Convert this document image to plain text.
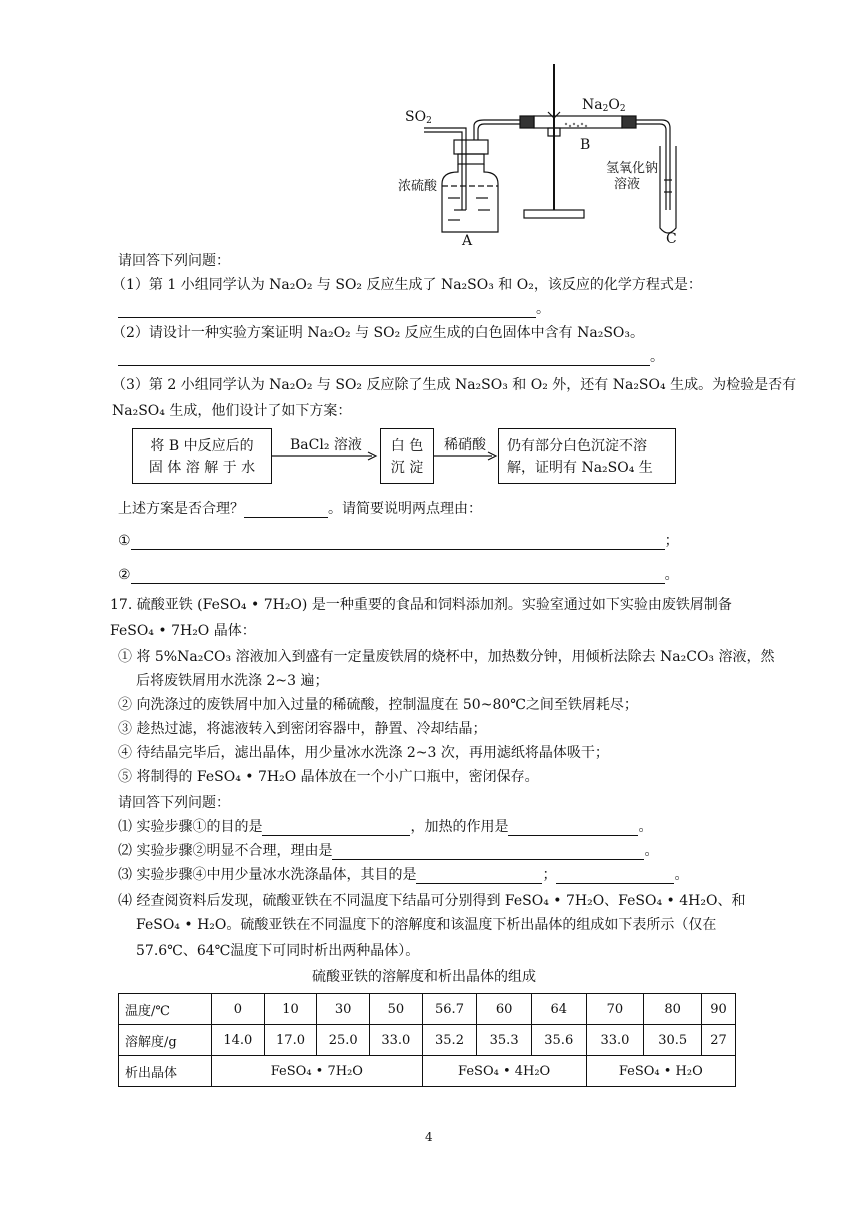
$SO_2$
$Na_2O_2$
B
浓硫酸
氢氧化钠
溶液
A	C
请回答下列问题：
（1）第 1 小组同学认为 Na₂O₂ 与 SO₂ 反应生成了 Na₂SO₃ 和 O₂，该反应的化学方程式是：
。
（2）请设计一种实验方案证明 Na₂O₂ 与 SO₂ 反应生成的白色固体中含有 Na₂SO₃。
。
（3）第 2 小组同学认为 Na₂O₂ 与 SO₂ 反应除了生成 Na₂SO₃ 和 O₂ 外，还有 Na₂SO₄ 生成。为检验是否有
Na₂SO₄ 生成，他们设计了如下方案：
将 B 中反应后的
固 体 溶 解 于 水
BaCl₂ 溶液	白 色
沉 淀
稀硝酸 仍有部分白色沉淀不溶
解，证明有 Na₂SO₄ 生
上述方案是否合理？	。请简要说明两点理由：
①	；
②	。
17. 硫酸亚铁 (FeSO₄ • 7H₂O) 是一种重要的食品和饲料添加剂。实验室通过如下实验由废铁屑制备
FeSO₄ • 7H₂O 晶体：
① 将 5%Na₂CO₃ 溶液加入到盛有一定量废铁屑的烧杯中，加热数分钟，用倾析法除去 Na₂CO₃ 溶液，然
后将废铁屑用水洗涤 2~3 遍；
② 向洗涤过的废铁屑中加入过量的稀硫酸，控制温度在 50~80℃之间至铁屑耗尽；
③ 趁热过滤，将滤液转入到密闭容器中，静置、冷却结晶；
④ 待结晶完毕后，滤出晶体，用少量冰水洗涤 2~3 次，再用滤纸将晶体吸干；
⑤ 将制得的 FeSO₄ • 7H₂O 晶体放在一个小广口瓶中，密闭保存。
请回答下列问题：
⑴ 实验步骤①的目的是	，加热的作用是	。
⑵ 实验步骤②明显不合理，理由是	。
⑶ 实验步骤④中用少量冰水洗涤晶体，其目的是	；	。
⑷ 经查阅资料后发现，硫酸亚铁在不同温度下结晶可分别得到 FeSO₄ • 7H₂O、FeSO₄ • 4H₂O、和
FeSO₄ • H₂O。硫酸亚铁在不同温度下的溶解度和该温度下析出晶体的组成如下表所示（仅在
57.6℃、64℃温度下可同时析出两种晶体）。
硫酸亚铁的溶解度和析出晶体的组成
温度/℃	0	10	30	50	56.7	60	64	70	80	90
溶解度/g	14.0	17.0	25.0	33.0	35.2	35.3	35.6	33.0	30.5	27
析出晶体	FeSO₄ • 7H₂O				FeSO₄ • 4H₂O			FeSO₄ • H₂O		
4
